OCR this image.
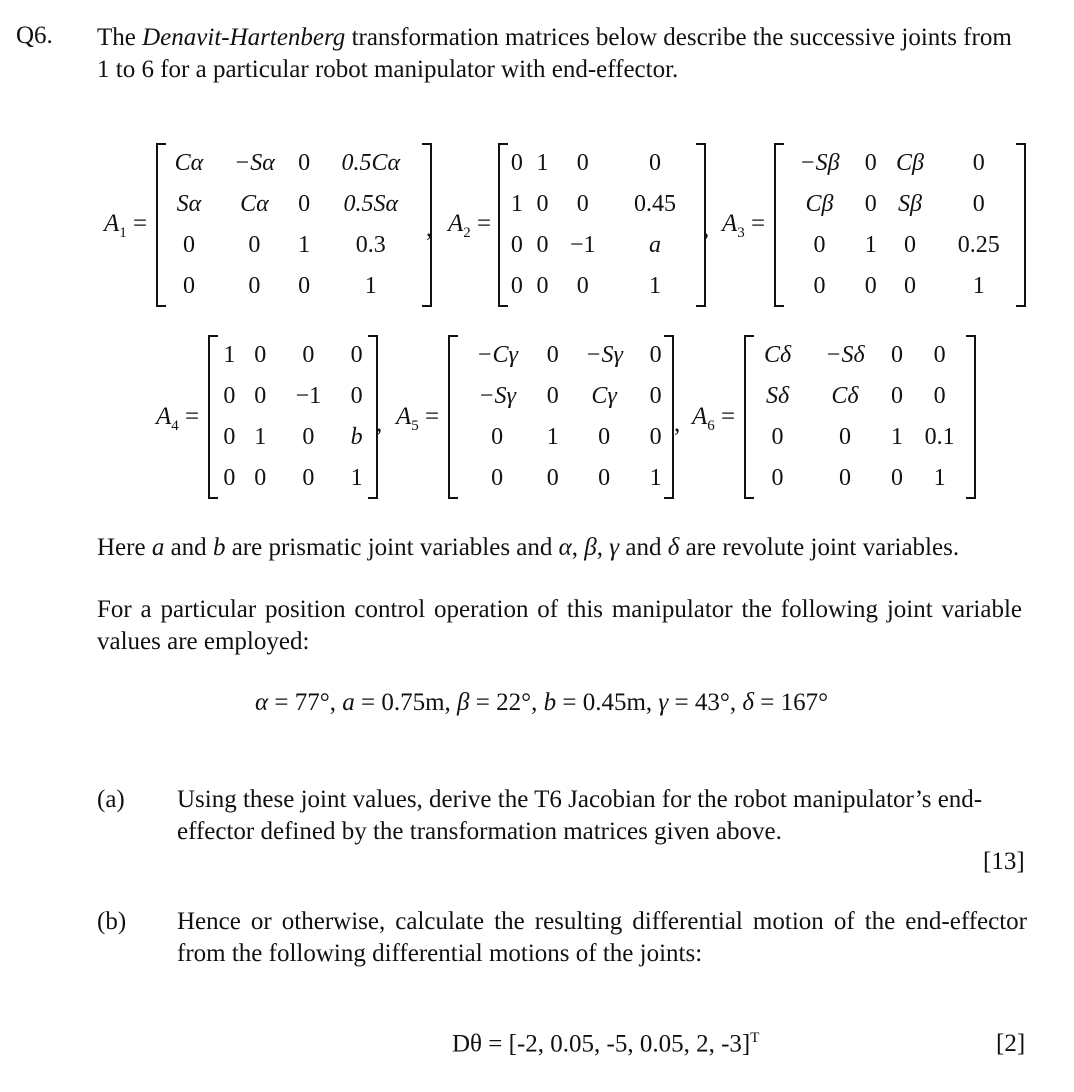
Q6. The Denavit-Hartenberg transformation matrices below describe the successive joints from 1 to 6 for a particular robot manipulator with end-effector.
$A_1$ =
Cα	−Sα	0	0.5Cα
Sα	Cα	0	0.5Sα
0	0	1	0.3
0	0	0	1
, $A_2$ =
0	1	0	0
1	0	0	0.45
0	0	−1	a
0	0	0	1
, $A_3$ =
−Sβ	0	Cβ	0
Cβ	0	Sβ	0
0	1	0	0.25
0	0	0	1
$A_4$ =
1	0	0	0
0	0	−1	0
0	1	0	b
0	0	0	1
, $A_5$ =
−Cγ	0	−Sγ	0
−Sγ	0	Cγ	0
0	1	0	0
0	0	0	1
, $A_6$ =
Cδ	−Sδ	0	0
Sδ	Cδ	0	0
0	0	1	0.1
0	0	0	1
Here a and b are prismatic joint variables and α, β, γ and δ are revolute joint variables.
For a particular position control operation of this manipulator the following joint variable values are employed:
α = 77°, a = 0.75m, β = 22°, b = 0.45m, γ = 43°, δ = 167°
(a) Using these joint values, derive the T6 Jacobian for the robot manipulator’s end-effector defined by the transformation matrices given above.
[13]
(b) Hence or otherwise, calculate the resulting differential motion of the end-effector from the following differential motions of the joints:
Dθ = [-2, 0.05, -5, 0.05, 2, -3]$^T$	[2]
